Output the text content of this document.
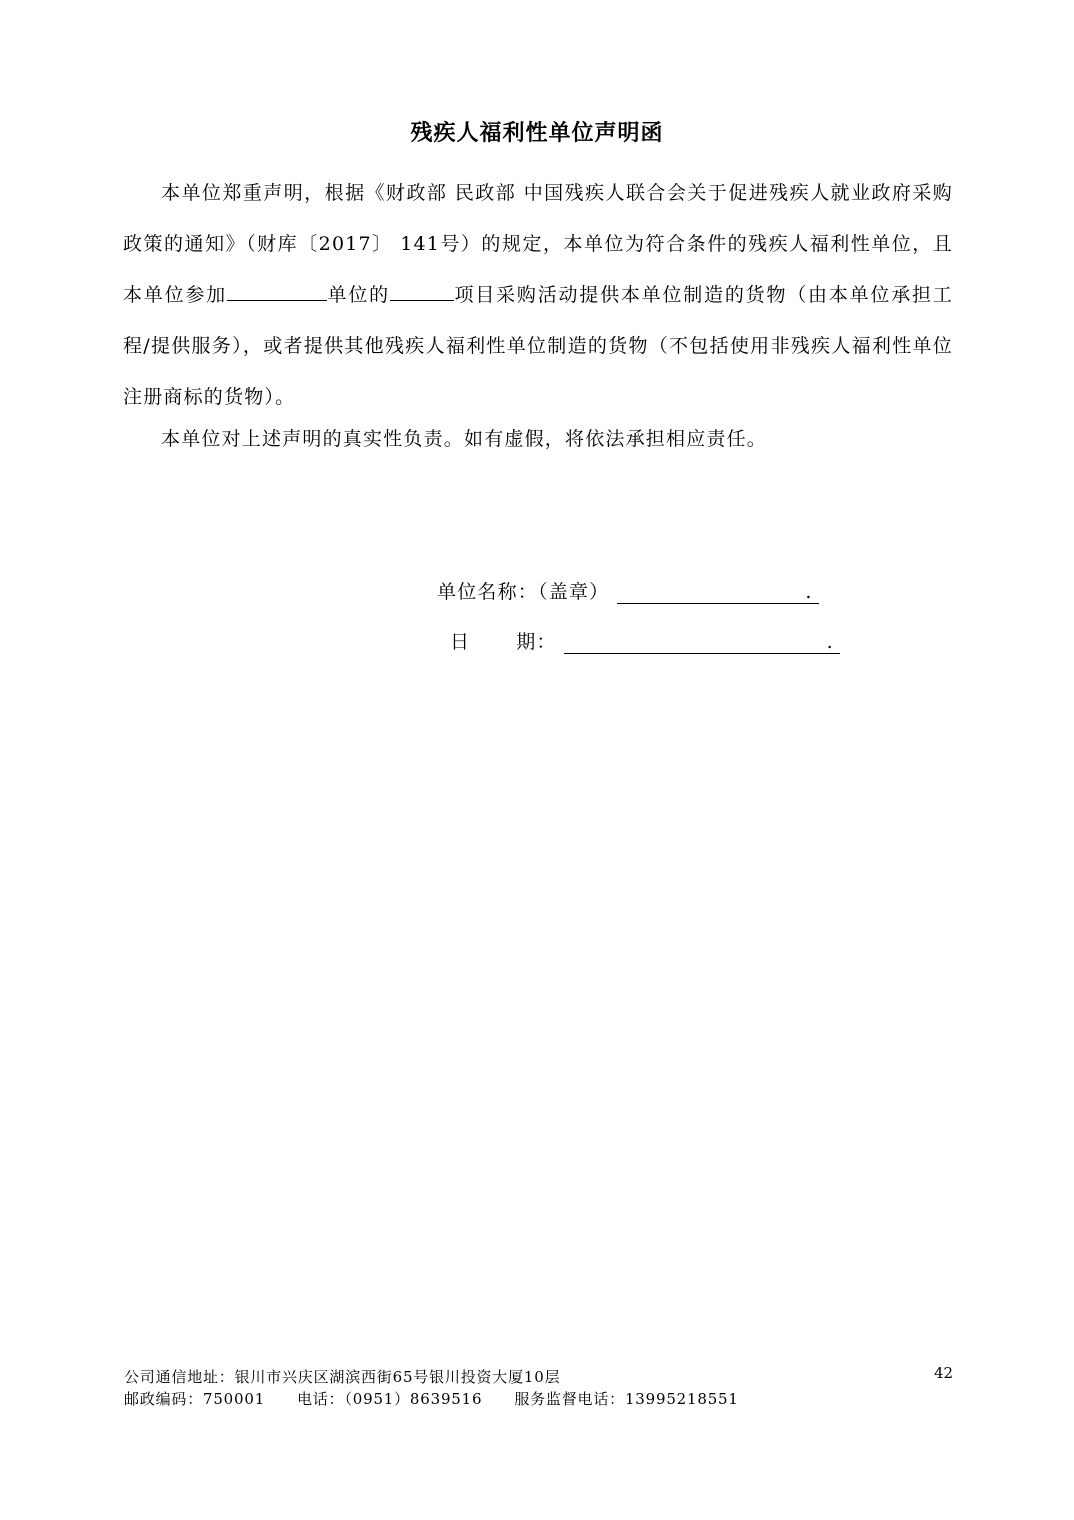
残疾人福利性单位声明函

本单位郑重声明，根据《财政部 民政部 中国残疾人联合会关于促进残疾人就业政府采购政策的通知》（财库〔2017〕 141号）的规定，本单位为符合条件的残疾人福利性单位，且本单位参加	单位的	项目采购活动提供本单位制造的货物（由本单位承担工程/提供服务），或者提供其他残疾人福利性单位制造的货物（不包括使用非残疾人福利性单位注册商标的货物）。

本单位对上述声明的真实性负责。如有虚假，将依法承担相应责任。

单位名称：（盖章）	.
日 期：	.
公司通信地址：银川市兴庆区湖滨西街65号银川投资大厦10层
邮政编码：750001 电话：（0951）8639516 服务监督电话：13995218551
42
